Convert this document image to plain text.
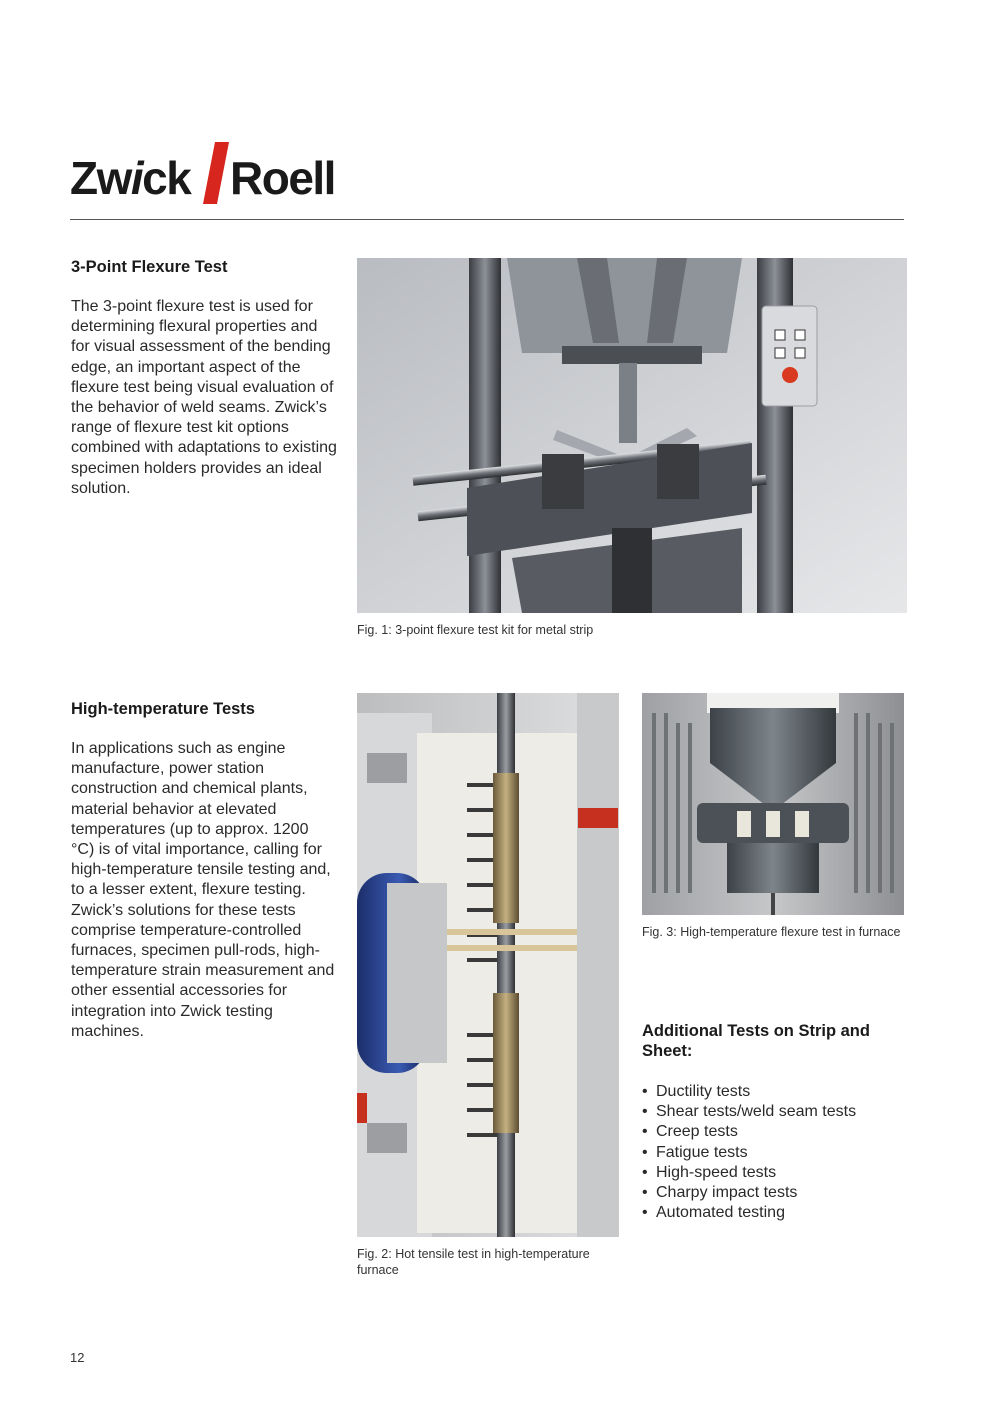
Zwick Roell
3-Point Flexure Test

The 3-point flexure test is used for determining flexural properties and for visual assessment of the bending edge, an important aspect of the flexure test being visual evaluation of the behavior of weld seams. Zwick’s range of flexure test kit options combined with adaptations to existing specimen holders provides an ideal solution.

Fig. 1: 3-point flexure test kit for metal strip

High-temperature Tests

In applications such as engine manufacture, power station construction and chemical plants, material behavior at elevated temperatures (up to approx. 1200 °C) is of vital importance, calling for high-temperature tensile testing and, to a lesser extent, flexure testing. Zwick’s solutions for these tests comprise temperature-controlled furnaces, specimen pull-rods, high-temperature strain measurement and other essential accessories for integration into Zwick testing machines.

Fig. 2: Hot tensile test in high-temperature furnace

Fig. 3: High-temperature flexure test in furnace

Additional Tests on Strip and Sheet:
• Ductility tests
• Shear tests/weld seam tests
• Creep tests
• Fatigue tests
• High-speed tests
• Charpy impact tests
• Automated testing
12
